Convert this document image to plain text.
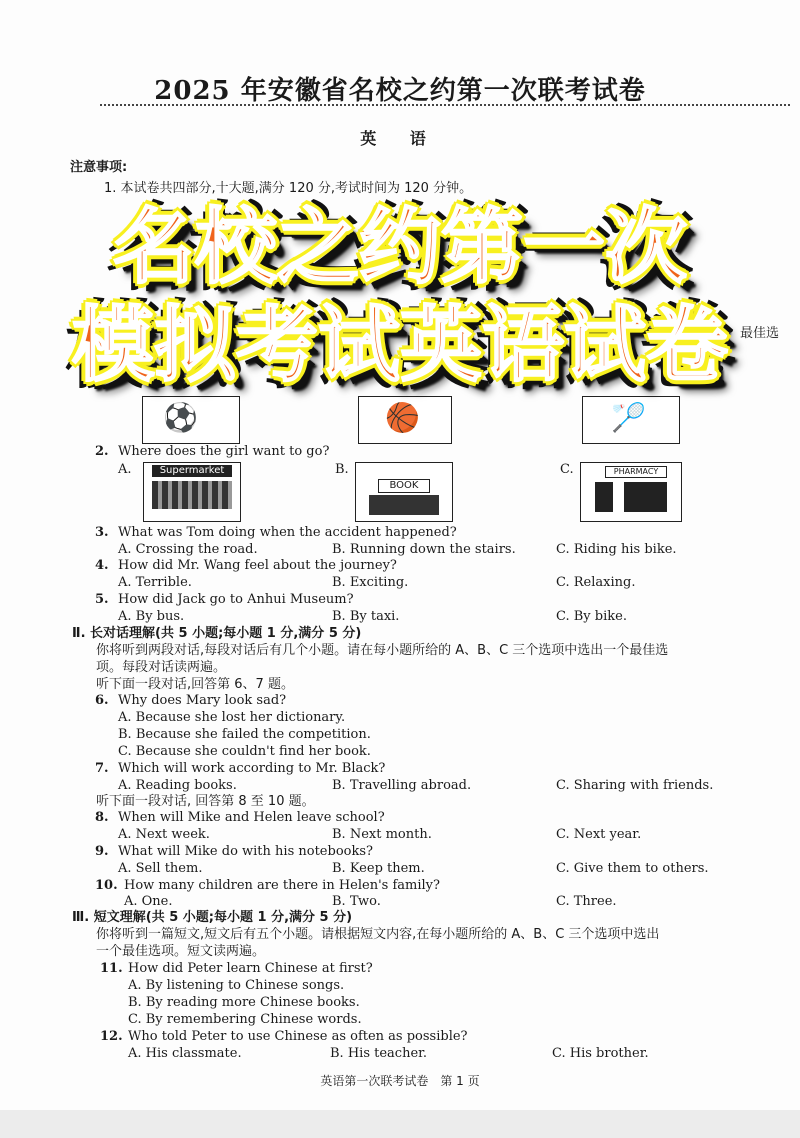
2025 年安徽省名校之约第一次联考试卷
英 语
注意事项:
1. 本试卷共四部分,十大题,满分 120 分,考试时间为 120 分钟。
最佳选
⚽	🏀	🏸
2. Where does the girl want to go?
A.	B.	C.
Supermarket
BOOK
PHARMACY
3. What was Tom doing when the accident happened?
A. Crossing the road.	B. Running down the stairs.	C. Riding his bike.
4. How did Mr. Wang feel about the journey?
A. Terrible.	B. Exciting.	C. Relaxing.
5. How did Jack go to Anhui Museum?
A. By bus.	B. By taxi.	C. By bike.
Ⅱ. 长对话理解(共 5 小题;每小题 1 分,满分 5 分)
你将听到两段对话,每段对话后有几个小题。请在每小题所给的 A、B、C 三个选项中选出一个最佳选
项。每段对话读两遍。
听下面一段对话,回答第 6、7 题。
6. Why does Mary look sad?
A. Because she lost her dictionary.
B. Because she failed the competition.
C. Because she couldn't find her book.
7. Which will work according to Mr. Black?
A. Reading books.	B. Travelling abroad.	C. Sharing with friends.
听下面一段对话, 回答第 8 至 10 题。
8. When will Mike and Helen leave school?
A. Next week.	B. Next month.	C. Next year.
9. What will Mike do with his notebooks?
A. Sell them.	B. Keep them.	C. Give them to others.
10. How many children are there in Helen's family?
A. One.	B. Two.	C. Three.
Ⅲ. 短文理解(共 5 小题;每小题 1 分,满分 5 分)
你将听到一篇短文,短文后有五个小题。请根据短文内容,在每小题所给的 A、B、C 三个选项中选出
一个最佳选项。短文读两遍。
11. How did Peter learn Chinese at first?
A. By listening to Chinese songs.
B. By reading more Chinese books.
C. By remembering Chinese words.
12. Who told Peter to use Chinese as often as possible?
A. His classmate.	B. His teacher.	C. His brother.
英语第一次联考试卷　第 1 页
名校之约第一次
模拟考试英语试卷
